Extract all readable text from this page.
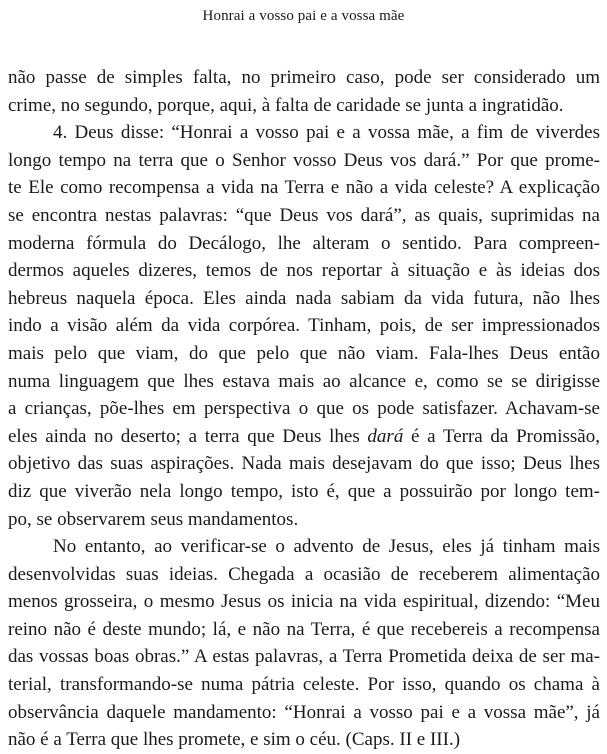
Honrai a vosso pai e a vossa mãe
não passe de simples falta, no primeiro caso, pode ser considerado um
crime, no segundo, porque, aqui, à falta de caridade se junta a ingratidão.
4. Deus disse: “Honrai a vosso pai e a vossa mãe, a fim de viverdes
longo tempo na terra que o Senhor vosso Deus vos dará.” Por que prome-
te Ele como recompensa a vida na Terra e não a vida celeste? A explicação
se encontra nestas palavras: “que Deus vos dará”, as quais, suprimidas na
moderna fórmula do Decálogo, lhe alteram o sentido. Para compreen-
dermos aqueles dizeres, temos de nos reportar à situação e às ideias dos
hebreus naquela época. Eles ainda nada sabiam da vida futura, não lhes
indo a visão além da vida corpórea. Tinham, pois, de ser impressionados
mais pelo que viam, do que pelo que não viam. Fala-lhes Deus então
numa linguagem que lhes estava mais ao alcance e, como se se dirigisse
a crianças, põe-lhes em perspectiva o que os pode satisfazer. Achavam-se
eles ainda no deserto; a terra que Deus lhes dará é a Terra da Promissão,
objetivo das suas aspirações. Nada mais desejavam do que isso; Deus lhes
diz que viverão nela longo tempo, isto é, que a possuirão por longo tem-
po, se observarem seus mandamentos.
No entanto, ao verificar-se o advento de Jesus, eles já tinham mais
desenvolvidas suas ideias. Chegada a ocasião de receberem alimentação
menos grosseira, o mesmo Jesus os inicia na vida espiritual, dizendo: “Meu
reino não é deste mundo; lá, e não na Terra, é que recebereis a recompensa
das vossas boas obras.” A estas palavras, a Terra Prometida deixa de ser ma-
terial, transformando-se numa pátria celeste. Por isso, quando os chama à
observância daquele mandamento: “Honrai a vosso pai e a vossa mãe”, já
não é a Terra que lhes promete, e sim o céu. (Caps. II e III.)
